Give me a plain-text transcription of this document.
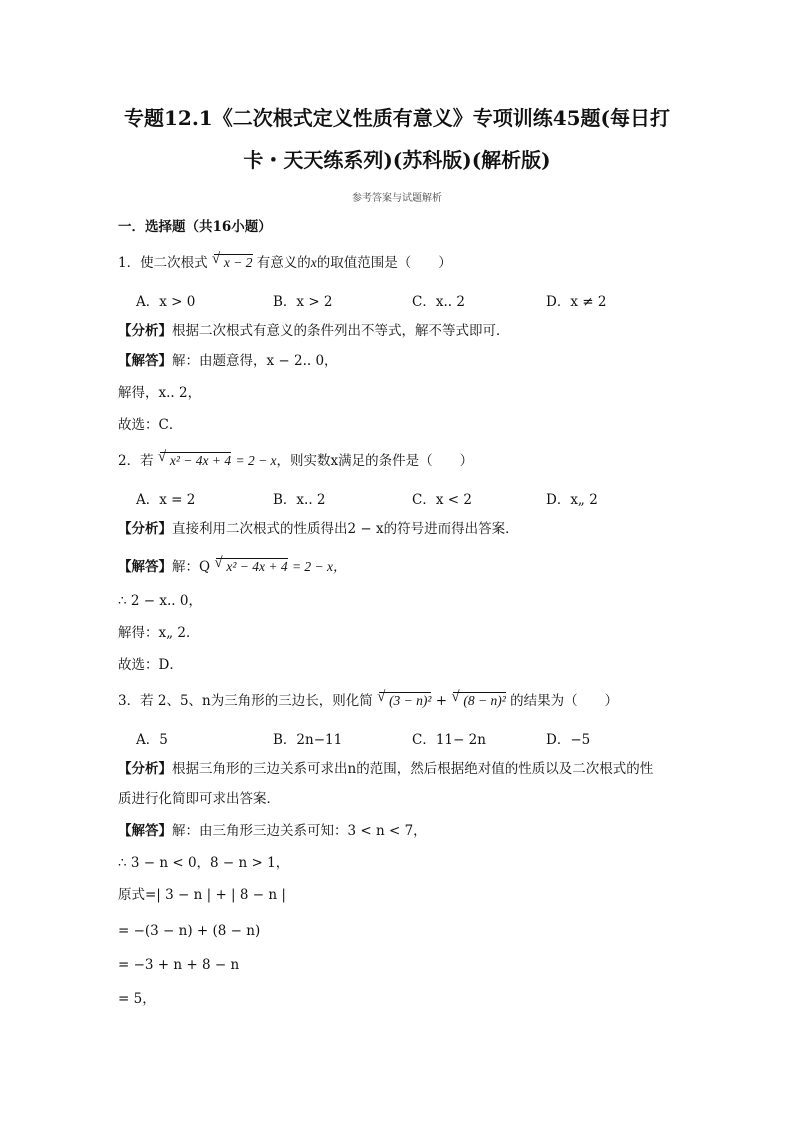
专题12.1《二次根式定义性质有意义》专项训练45题(每日打
卡・天天练系列)(苏科版)(解析版)
参考答案与试题解析
一．选择题（共16小题）
1．使二次根式 √ x − 2 有意义的x的取值范围是（　　）
A．x > 0	B．x > 2	C．x.. 2	D．x ≠ 2
【分析】根据二次根式有意义的条件列出不等式，解不等式即可．
【解答】解：由题意得，x − 2.. 0，
解得，x.. 2，
故选：C．
2．若 √ x² − 4x + 4 = 2 − x，则实数x满足的条件是（　　）
A．x = 2	B．x.. 2	C．x < 2	D．x„ 2
【分析】直接利用二次根式的性质得出2 − x的符号进而得出答案．
【解答】解：Q √ x² − 4x + 4 = 2 − x，
∴ 2 − x.. 0，
解得：x„ 2．
故选：D．
3．若 2、5、n为三角形的三边长，则化简 √ (3 − n)² + √ (8 − n)² 的结果为（　　）
A．5	B．2n−11	C．11− 2n	D．−5
【分析】根据三角形的三边关系可求出n的范围，然后根据绝对值的性质以及二次根式的性
质进行化简即可求出答案．
【解答】解：由三角形三边关系可知：3 < n < 7，
∴ 3 − n < 0，8 − n > 1，
原式=| 3 − n | + | 8 − n |
= −(3 − n) + (8 − n)
= −3 + n + 8 − n
= 5，
